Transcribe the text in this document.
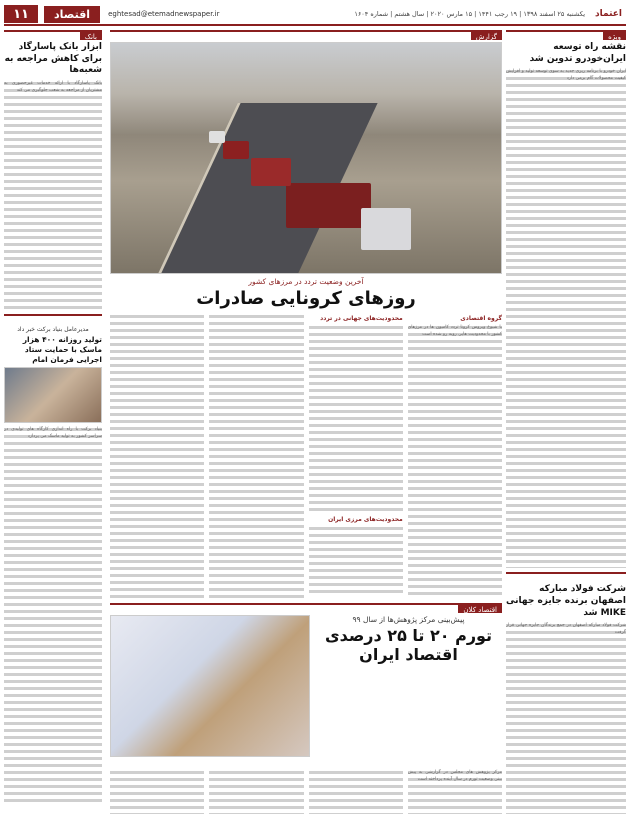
۱۱	اقتصاد	eghtesad@etemadnewspaper.ir	اعتماد
یکشنبه ۲۵ اسفند ۱۳۹۸ | ۱۹ رجب ۱۴۴۱ | ۱۵ مارس ۲۰۲۰ | سال هشتم | شماره ۱۶۰۴
ویژه
نقشه راه توسعه ایران‌خودرو تدوین شد
ایران خودرو با برنامه ریزی جدید به سوی توسعه تولید و افزایش کیفیت محصولات گام برمی دارد
شرکت فولاد مبارکه اصفهان برنده جایزه جهانی MIKE شد
شرکت فولاد مبارکه اصفهان در جمع برندگان جایزه جهانی قرار گرفت
گزارش
آخرین وضعیت تردد در مرزهای کشور
روزهای کرونایی صادرات
گروه اقتصادی
با شیوع ویروس کرونا تردد کامیون ها در مرزهای کشور با محدودیت هایی روبه رو شده است
محدودیت‌های جهانی در تردد
محدودیت‌های مرزی ایران
اقتصاد کلان
پیش‌بینی مرکز پژوهش‌ها از سال ۹۹
تورم ۲۰ تا ۲۵ درصدی اقتصاد ایران
مرکز پژوهش های مجلس در گزارشی به پیش بینی وضعیت تورم در سال آینده پرداخته است
بانک
ابزار بانک پاسارگاد برای کاهش مراجعه به شعبه‌ها
بانک پاسارگاد با ارائه خدمات غیرحضوری به مشتریان از مراجعه به شعب جلوگیری می کند
مدیرعامل بنیاد برکت خبر داد
تولید روزانه ۴۰۰ هزار ماسک با حمایت ستاد اجرایی فرمان امام
بنیاد برکت با راه اندازی کارگاه های تولیدی در سراسر کشور به تولید ماسک می پردازد
